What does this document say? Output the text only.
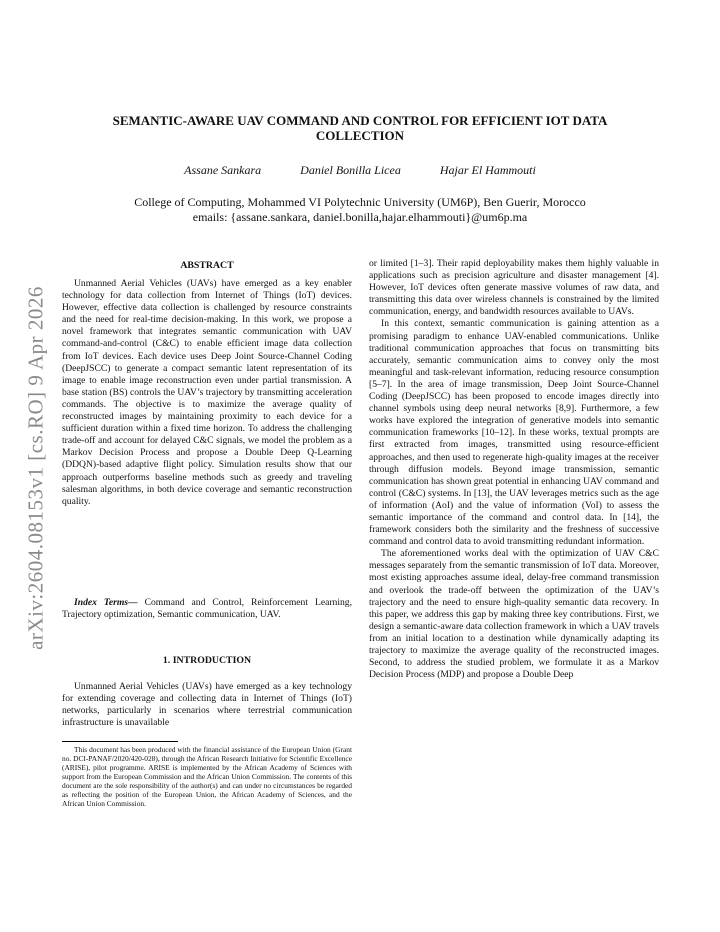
arXiv:2604.08153v1 [cs.RO] 9 Apr 2026
SEMANTIC-AWARE UAV COMMAND AND CONTROL FOR EFFICIENT IOT DATA COLLECTION
Assane Sankara	Daniel Bonilla Licea	Hajar El Hammouti
College of Computing, Mohammed VI Polytechnic University (UM6P), Ben Guerir, Morocco
emails: {assane.sankara, daniel.bonilla,hajar.elhammouti}@um6p.ma
ABSTRACT

Unmanned Aerial Vehicles (UAVs) have emerged as a key enabler technology for data collection from Internet of Things (IoT) devices. However, effective data collection is challenged by resource constraints and the need for real-time decision-making. In this work, we propose a novel framework that integrates semantic communication with UAV command-and-control (C&C) to enable efficient image data collection from IoT devices. Each device uses Deep Joint Source-Channel Coding (DeepJSCC) to generate a compact semantic latent representation of its image to enable image reconstruction even under partial transmission. A base station (BS) controls the UAV’s trajectory by transmitting acceleration commands. The objective is to maximize the average quality of reconstructed images by maintaining proximity to each device for a sufficient duration within a fixed time horizon. To address the challenging trade-off and account for delayed C&C signals, we model the problem as a Markov Decision Process and propose a Double Deep Q-Learning (DDQN)-based adaptive flight policy. Simulation results show that our approach outperforms baseline methods such as greedy and traveling salesman algorithms, in both device coverage and semantic reconstruction quality.

Index Terms— Command and Control, Reinforcement Learning, Trajectory optimization, Semantic communication, UAV.

1. INTRODUCTION

Unmanned Aerial Vehicles (UAVs) have emerged as a key technology for extending coverage and collecting data in Internet of Things (IoT) networks, particularly in scenarios where terrestrial communication infrastructure is unavailable

This document has been produced with the financial assistance of the European Union (Grant no. DCI-PANAF/2020/420-028), through the African Research Initiative for Scientific Excellence (ARISE), pilot programme. ARISE is implemented by the African Academy of Sciences with support from the European Commission and the African Union Commission. The contents of this document are the sole responsibility of the author(s) and can under no circumstances be regarded as reflecting the position of the European Union, the African Academy of Sciences, and the African Union Commission.

or limited [1–3]. Their rapid deployability makes them highly valuable in applications such as precision agriculture and disaster management [4]. However, IoT devices often generate massive volumes of raw data, and transmitting this data over wireless channels is constrained by the limited communication, energy, and bandwidth resources available to UAVs.

In this context, semantic communication is gaining attention as a promising paradigm to enhance UAV-enabled communications. Unlike traditional communication approaches that focus on transmitting bits accurately, semantic communication aims to convey only the most meaningful and task-relevant information, reducing resource consumption [5–7]. In the area of image transmission, Deep Joint Source-Channel Coding (DeepJSCC) has been proposed to encode images directly into channel symbols using deep neural networks [8,9]. Furthermore, a few works have explored the integration of generative models into semantic communication frameworks [10–12]. In these works, textual prompts are first extracted from images, transmitted using resource-efficient approaches, and then used to regenerate high-quality images at the receiver through diffusion models. Beyond image transmission, semantic communication has shown great potential in enhancing UAV command and control (C&C) systems. In [13], the UAV leverages metrics such as the age of information (AoI) and the value of information (VoI) to assess the semantic importance of the command and control data. In [14], the framework considers both the similarity and the freshness of successive command and control data to avoid transmitting redundant information.

The aforementioned works deal with the optimization of UAV C&C messages separately from the semantic transmission of IoT data. Moreover, most existing approaches assume ideal, delay-free command transmission and overlook the trade-off between the optimization of the UAV’s trajectory and the need to ensure high-quality semantic data recovery. In this paper, we address this gap by making three key contributions. First, we design a semantic-aware data collection framework in which a UAV travels from an initial location to a destination while dynamically adapting its trajectory to maximize the average quality of the reconstructed images. Second, to address the studied problem, we formulate it as a Markov Decision Process (MDP) and propose a Double Deep
